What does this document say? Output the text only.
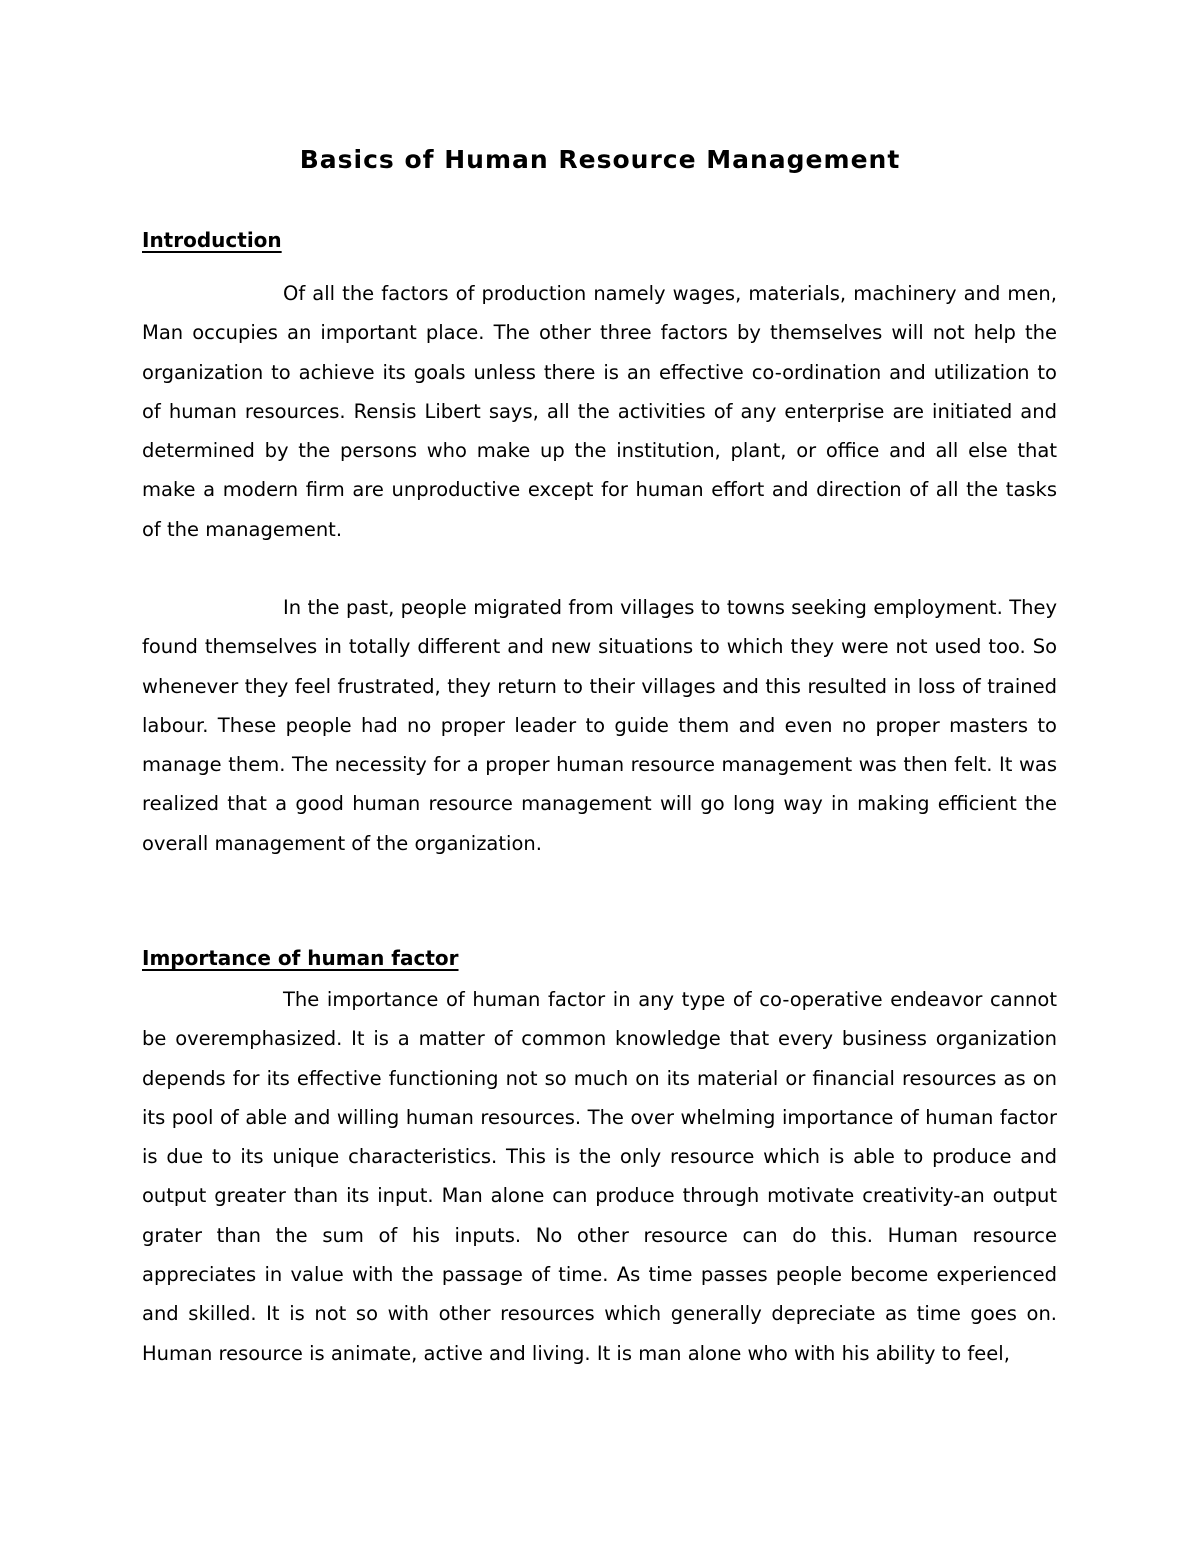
Basics of Human Resource Management
Introduction

Of all the factors of production namely wages, materials, machinery and men, Man occupies an important place. The other three factors by themselves will not help the organization to achieve its goals unless there is an effective co-ordination and utilization to of human resources. Rensis Libert says, all the activities of any enterprise are initiated and determined by the persons who make up the institution, plant, or office and all else that make a modern firm are unproductive except for human effort and direction of all the tasks of the management.

In the past, people migrated from villages to towns seeking employment. They found themselves in totally different and new situations to which they were not used too. So whenever they feel frustrated, they return to their villages and this resulted in loss of trained labour. These people had no proper leader to guide them and even no proper masters to manage them. The necessity for a proper human resource management was then felt. It was realized that a good human resource management will go long way in making efficient the overall management of the organization.

Importance of human factor

The importance of human factor in any type of co-operative endeavor cannot be overemphasized. It is a matter of common knowledge that every business organization depends for its effective functioning not so much on its material or financial resources as on its pool of able and willing human resources. The over whelming importance of human factor is due to its unique characteristics. This is the only resource which is able to produce and output greater than its input. Man alone can produce through motivate creativity-an output grater than the sum of his inputs. No other resource can do this. Human resource appreciates in value with the passage of time. As time passes people become experienced and skilled. It is not so with other resources which generally depreciate as time goes on. Human resource is animate, active and living. It is man alone who with his ability to feel,
